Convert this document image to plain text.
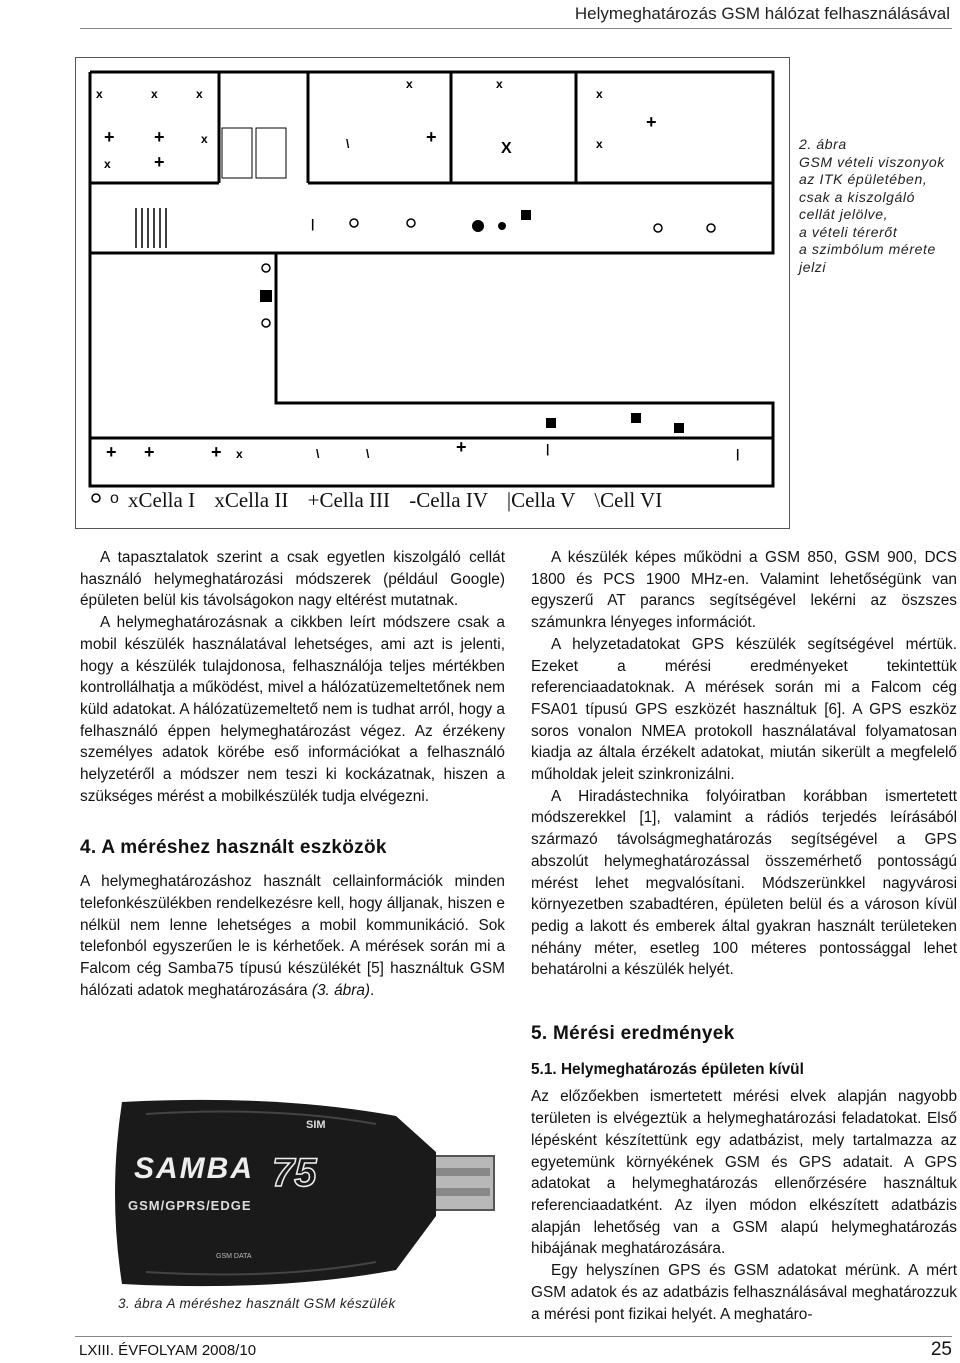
Helymeghatározás GSM hálózat felhasználásával
x	x	x
+ +	x
x +
x	x
x
+
X	x
+
+ +	+ x	\	\	+	|	|
|
\
xCella I xCella II +Cella III -Cella IV |Cella V \Cell VI
o
2. ábra
GSM vételi viszonyok
az ITK épületében,
csak a kiszolgáló
cellát jelölve,
a vételi térerőt
a szimbólum mérete
jelzi

A tapasztalatok szerint a csak egyetlen kiszolgáló cellát használó helymeghatározási módszerek (például Google) épületen belül kis távolságokon nagy eltérést mutatnak.

A helymeghatározásnak a cikkben leírt módszere csak a mobil készülék használatával lehetséges, ami azt is jelenti, hogy a készülék tulajdonosa, felhasználója teljes mértékben kontrollálhatja a működést, mivel a hálózatüzemeltetőnek nem küld adatokat. A hálózatüzemeltető nem is tudhat arról, hogy a felhasználó éppen helymeghatározást végez. Az érzékeny személyes adatok körébe eső információkat a felhasználó helyzetéről a módszer nem teszi ki kockázatnak, hiszen a szükséges mérést a mobilkészülék tudja elvégezni.

4. A méréshez használt eszközök

A helymeghatározáshoz használt cellainformációk minden telefonkészülékben rendelkezésre kell, hogy álljanak, hiszen e nélkül nem lenne lehetséges a mobil kommunikáció. Sok telefonból egyszerűen le is kérhetőek. A mérések során mi a Falcom cég Samba75 típusú készülékét [5] használtuk GSM hálózati adatok meghatározására (3. ábra).

SIM
SAMBA 75
GSM/GPRS/EDGE
GSM DATA
3. ábra A méréshez használt GSM készülék

A készülék képes működni a GSM 850, GSM 900, DCS 1800 és PCS 1900 MHz-en. Valamint lehetőségünk van egyszerű AT parancs segítségével lekérni az öszszes számunkra lényeges információt.

A helyzetadatokat GPS készülék segítségével mértük. Ezeket a mérési eredményeket tekintettük referenciaadatoknak. A mérések során mi a Falcom cég FSA01 típusú GPS eszközét használtuk [6]. A GPS eszköz soros vonalon NMEA protokoll használatával folyamatosan kiadja az általa érzékelt adatokat, miután sikerült a megfelelő műholdak jeleit szinkronizálni.

A Hiradástechnika folyóiratban korábban ismertetett módszerekkel [1], valamint a rádiós terjedés leírásából származó távolságmeghatározás segítségével a GPS abszolút helymeghatározással összemérhető pontosságú mérést lehet megvalósítani. Módszerünkkel nagyvárosi környezetben szabadtéren, épületen belül és a városon kívül pedig a lakott és emberek által gyakran használt területeken néhány méter, esetleg 100 méteres pontossággal lehet behatárolni a készülék helyét.

5. Mérési eredmények
5.1. Helymeghatározás épületen kívül

Az előzőekben ismertetett mérési elvek alapján nagyobb területen is elvégeztük a helymeghatározási feladatokat. Első lépésként készítettünk egy adatbázist, mely tartalmazza az egyetemünk környékének GSM és GPS adatait. A GPS adatokat a helymeghatározás ellenőrzésére használtuk referenciaadatként. Az ilyen módon elkészített adatbázis alapján lehetőség van a GSM alapú helymeghatározás hibájának meghatározására.

Egy helyszínen GPS és GSM adatokat mérünk. A mért GSM adatok és az adatbázis felhasználásával meghatározzuk a mérési pont fizikai helyét. A meghatáro-

LXIII. ÉVFOLYAM 2008/10	25
